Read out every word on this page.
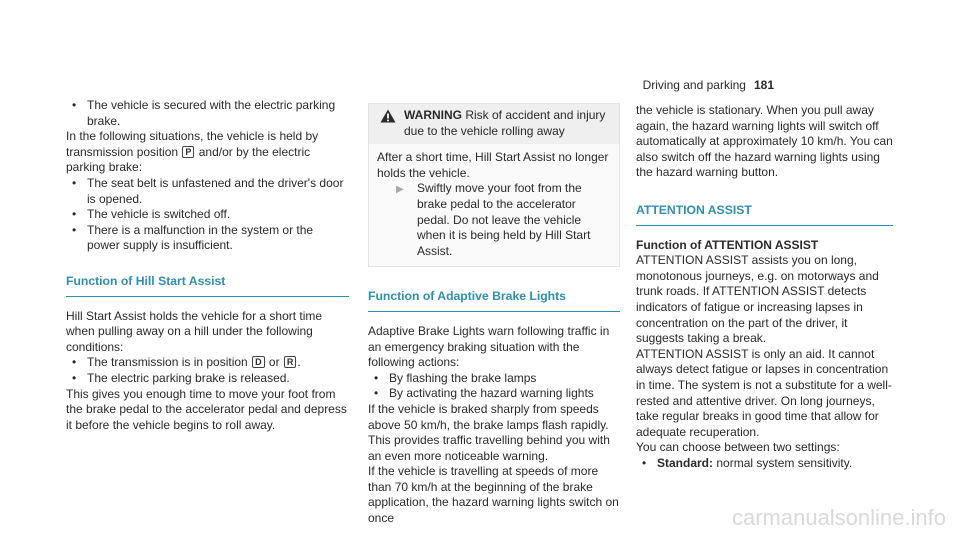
Driving and parking 181

• The vehicle is secured with the electric parking brake.

In the following situations, the vehicle is held by transmission position P and/or by the electric parking brake:

• The seat belt is unfastened and the driver's door is opened.

• The vehicle is switched off.

• There is a malfunction in the system or the power supply is insufficient.

Function of Hill Start Assist

Hill Start Assist holds the vehicle for a short time when pulling away on a hill under the following conditions:

• The transmission is in position D or R .

• The electric parking brake is released.

This gives you enough time to move your foot from the brake pedal to the accelerator pedal and depress it before the vehicle begins to roll away.

WARNING Risk of accident and injury due to the vehicle rolling away

After a short time, Hill Start Assist no longer holds the vehicle.

▶ Swiftly move your foot from the brake pedal to the accelerator pedal. Do not leave the vehicle when it is being held by Hill Start Assist.

Function of Adaptive Brake Lights

Adaptive Brake Lights warn following traffic in an emergency braking situation with the following actions:

• By flashing the brake lamps

• By activating the hazard warning lights

If the vehicle is braked sharply from speeds above 50 km/h, the brake lamps flash rapidly. This provides traffic travelling behind you with an even more noticeable warning.

If the vehicle is travelling at speeds of more than 70 km/h at the beginning of the brake application, the hazard warning lights switch on once

the vehicle is stationary. When you pull away again, the hazard warning lights will switch off automatically at approximately 10 km/h. You can also switch off the hazard warning lights using the hazard warning button.

ATTENTION ASSIST

Function of ATTENTION ASSIST

ATTENTION ASSIST assists you on long, monotonous journeys, e.g. on motorways and trunk roads. If ATTENTION ASSIST detects indicators of fatigue or increasing lapses in concentration on the part of the driver, it suggests taking a break.

ATTENTION ASSIST is only an aid. It cannot always detect fatigue or lapses in concentration in time. The system is not a substitute for a well-rested and attentive driver. On long journeys, take regular breaks in good time that allow for adequate recuperation.

You can choose between two settings:

• Standard: normal system sensitivity.

carmanualsonline.info
